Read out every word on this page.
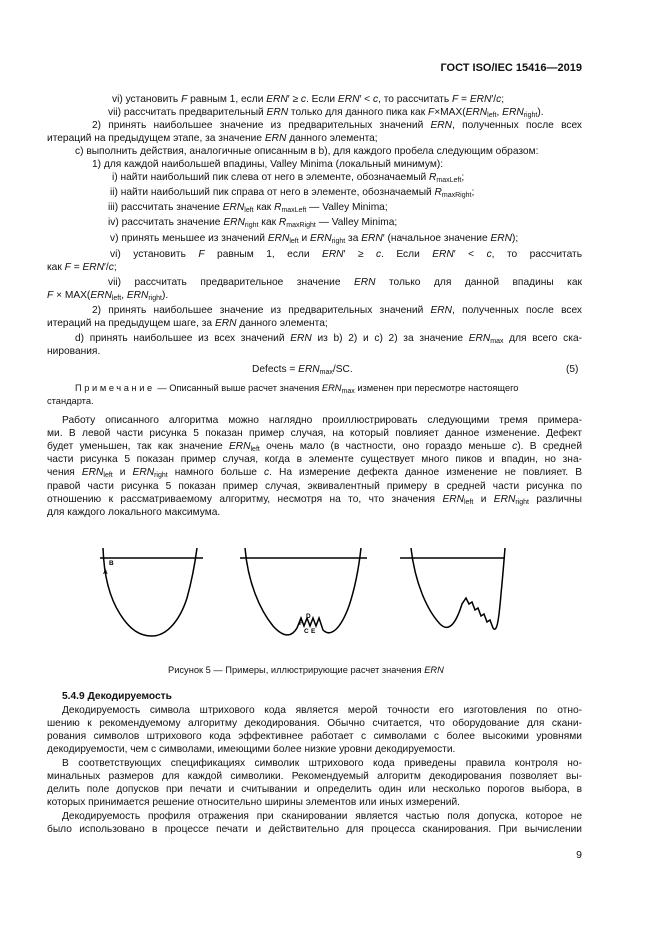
ГОСТ ISO/IEC 15416—2019
vi) установить F равным 1, если ERN′ ≥ c. Если ERN′ < c, то рассчитать F = ERN′/c;
vii) рассчитать предварительный ERN только для данного пика как $F\times MAX(ERN_{left}$, $ERN_{right}$).
2) принять наибольшее значение из предварительных значений ERN, полученных после всех
итераций на предыдущем этапе, за значение ERN данного элемента;
c) выполнить действия, аналогичные описанным в b), для каждого пробела следующим образом:
1) для каждой наибольшей впадины, Valley Minima (локальный минимум):
i) найти наибольший пик слева от него в элементе, обозначаемый $R_{maxLeft}$;
ii) найти наибольший пик справа от него в элементе, обозначаемый $R_{maxRight}$;
iii) рассчитать значение $ERN_{left}$ как $R_{maxLeft}$ — Valley Minima;
iv) рассчитать значение $ERN_{right}$ как $R_{maxRight}$ — Valley Minima;
v) принять меньшее из значений $ERN_{left}$ и $ERN_{right}$ за ERN′ (начальное значение ERN);
vi) установить F равным 1, если ERN′ ≥ c. Если ERN′ < c, то рассчитать
как F = ERN′/c;
vii) рассчитать предварительное значение ERN только для данной впадины как
$F \times MAX(ERN_{left}$, $ERN_{right}$).
2) принять наибольшее значение из предварительных значений ERN, полученных после всех
итераций на предыдущем шаге, за ERN данного элемента;
d) принять наибольшее из всех значений ERN из b) 2) и c) 2) за значение $ERN_{max}$ для всего ска-
нирования.
Defects = $ERN_{max}/SC$.	(5)
Примечание — Описанный выше расчет значения $ERN_{max}$ изменен при пересмотре настоящего
стандарта.
Работу описанного алгоритма можно наглядно проиллюстрировать следующими тремя примера-
ми. В левой части рисунка 5 показан пример случая, на который повлияет данное изменение. Дефект
будет уменьшен, так как значение $ERN_{left}$ очень мало (в частности, оно гораздо меньше c). В средней
части рисунка 5 показан пример случая, когда в элементе существует много пиков и впадин, но зна-
чения $ERN_{left}$ и $ERN_{right}$ намного больше c. На измерение дефекта данное изменение не повлияет. В
правой части рисунка 5 показан пример случая, эквивалентный примеру в средней части рисунка по
отношению к рассматриваемому алгоритму, несмотря на то, что значения $ERN_{left}$ и $ERN_{right}$ различны
для каждого локального максимума.
B
A
D
F
C E
Рисунок 5 — Примеры, иллюстрирующие расчет значения ERN
5.4.9 Декодируемость
Декодируемость символа штрихового кода является мерой точности его изготовления по отно-
шению к рекомендуемому алгоритму декодирования. Обычно считается, что оборудование для скани-
рования символов штрихового кода эффективнее работает с символами с более высокими уровнями
декодируемости, чем с символами, имеющими более низкие уровни декодируемости.
В соответствующих спецификациях символик штрихового кода приведены правила контроля но-
минальных размеров для каждой символики. Рекомендуемый алгоритм декодирования позволяет вы-
делить поле допусков при печати и считывании и определить один или несколько порогов выбора, в
которых принимается решение относительно ширины элементов или иных измерений.
Декодируемость профиля отражения при сканировании является частью поля допуска, которое не
было использовано в процессе печати и действительно для процесса сканирования. При вычислении
9
